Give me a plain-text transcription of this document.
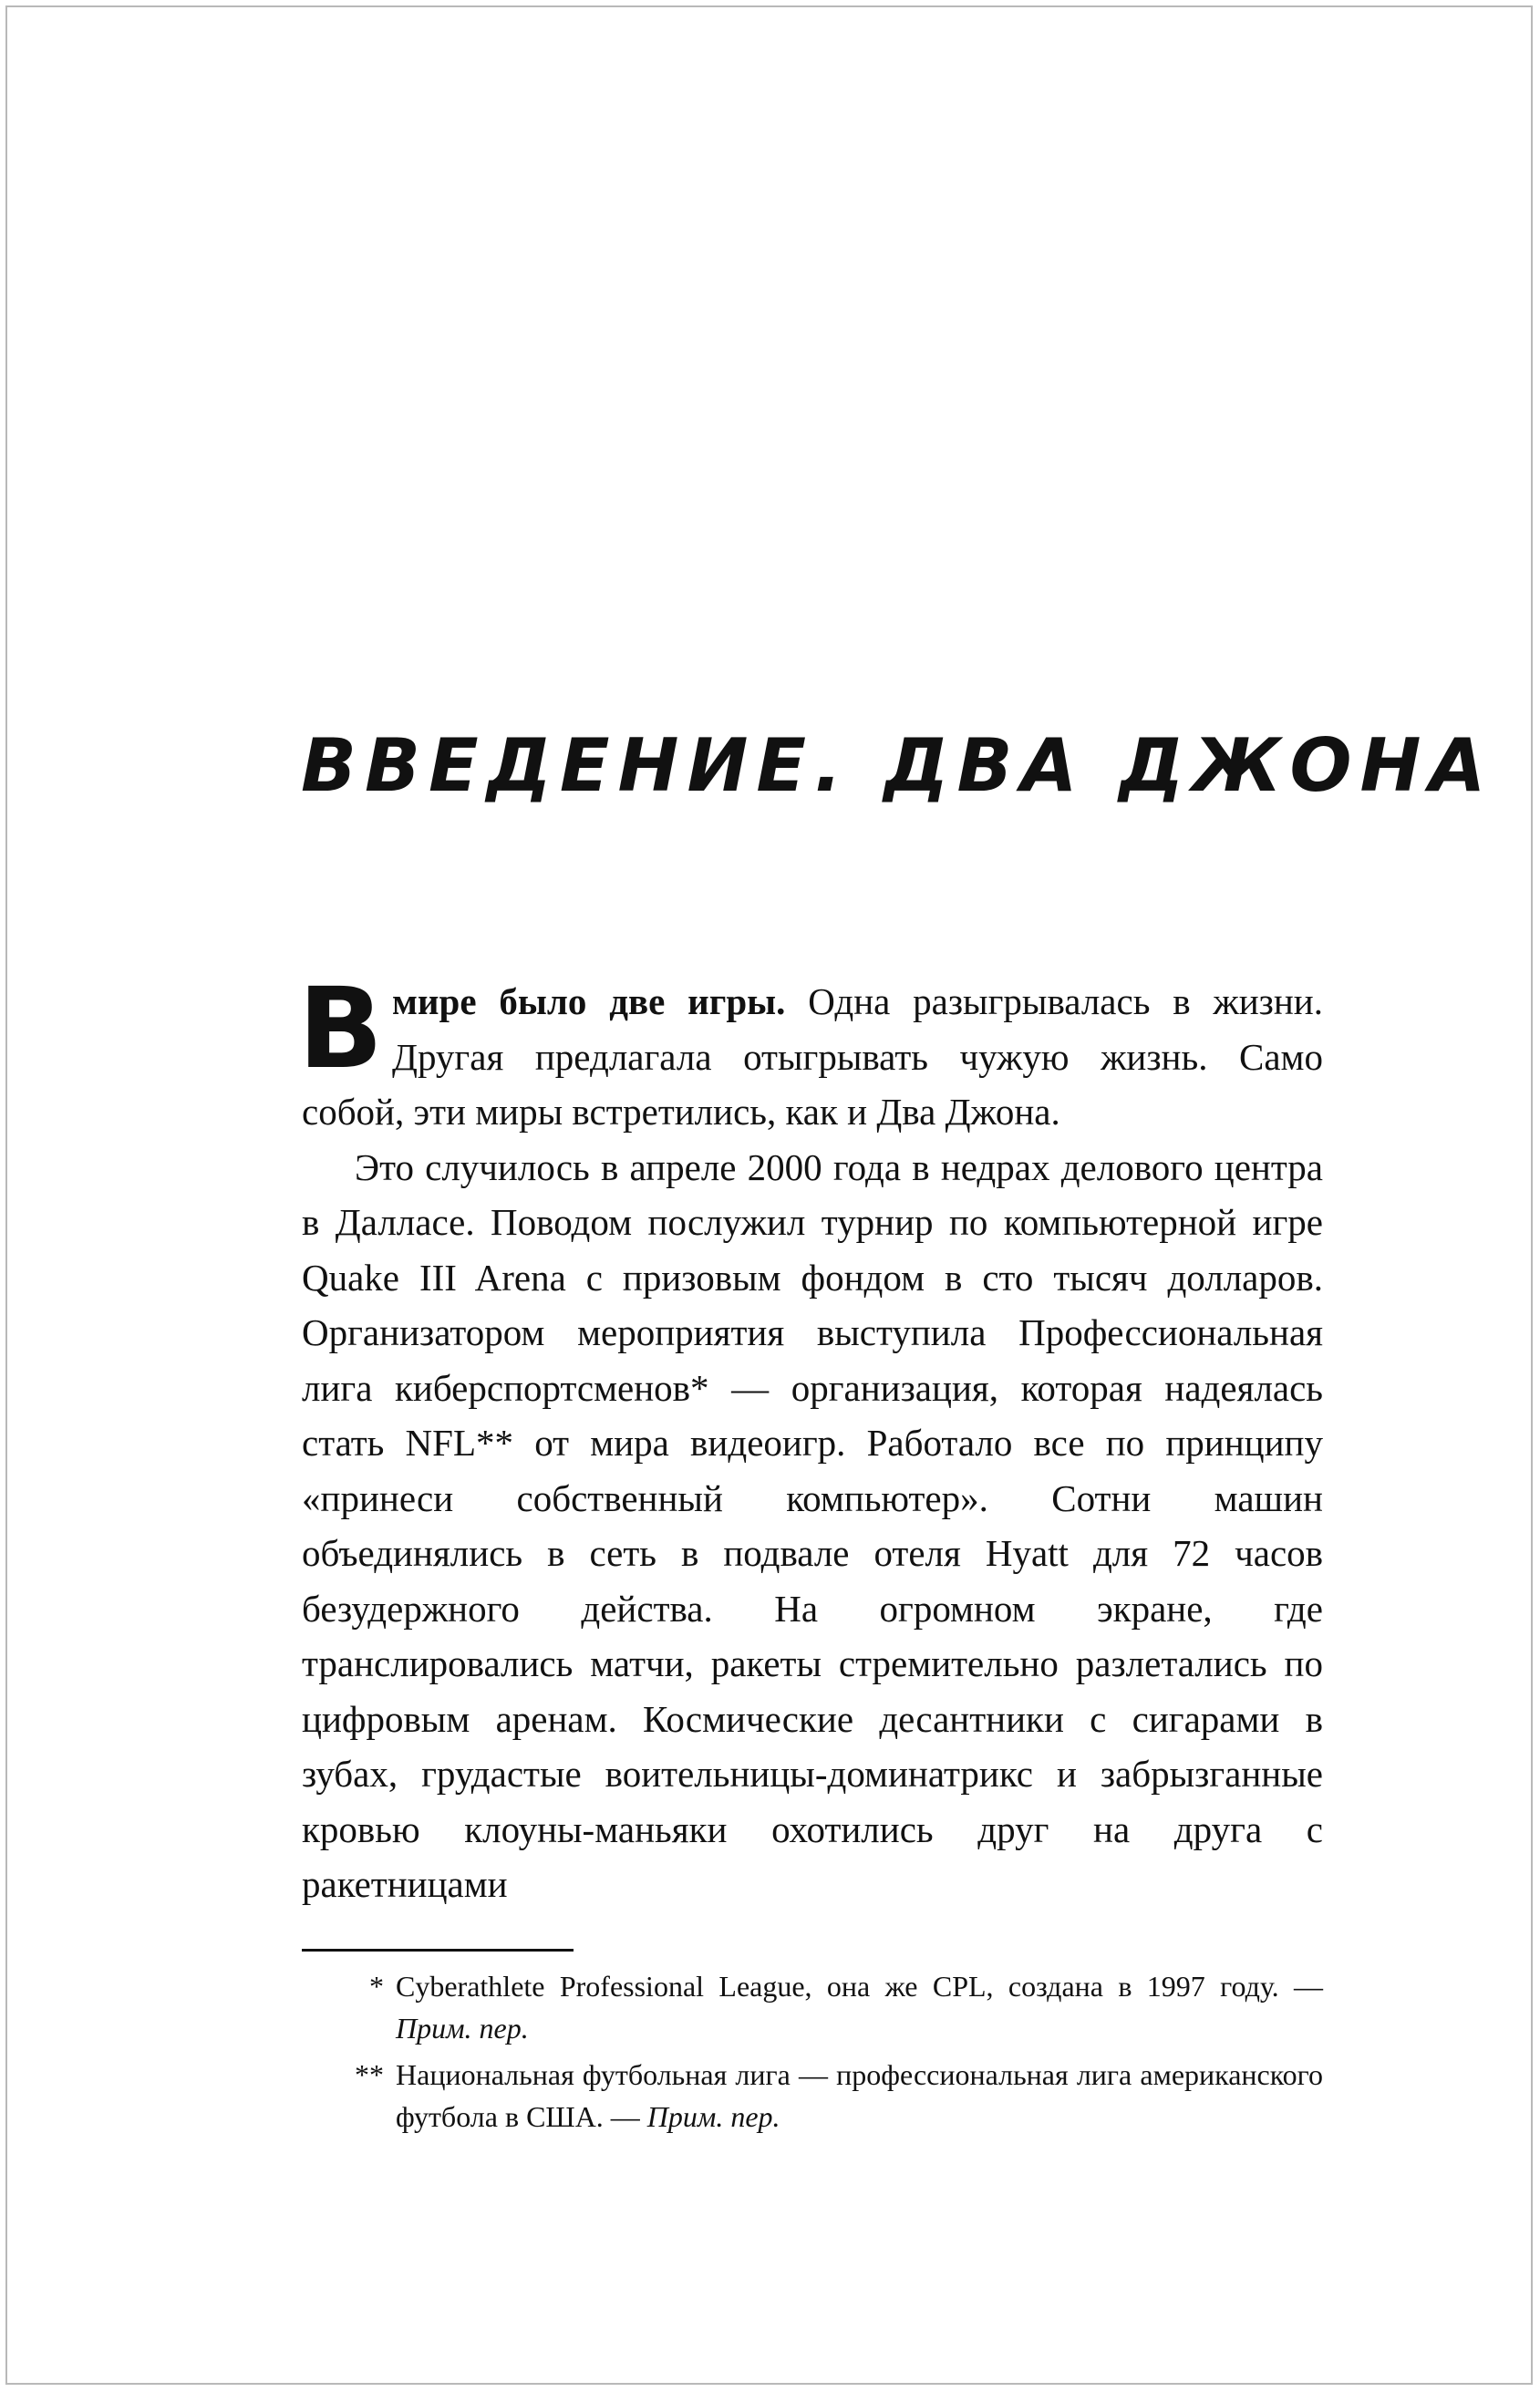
ВВЕДЕНИЕ. ДВА ДЖОНА

В мире было две игры. Одна разыгрывалась в жизни. Другая предлагала отыгрывать чужую жизнь. Само собой, эти миры встретились, как и Два Джона.

Это случилось в апреле 2000 года в недрах делового центра в Далласе. Поводом послужил турнир по компьютерной игре Quake III Arena с призовым фондом в сто тысяч долларов. Организатором мероприятия выступила Профессиональная лига киберспортсменов* — организация, которая надеялась стать NFL** от мира видеоигр. Работало все по принципу «принеси собственный компьютер». Сотни машин объединялись в сеть в подвале отеля Hyatt для 72 часов безудержного действа. На огромном экране, где транслировались матчи, ракеты стремительно разлетались по цифровым аренам. Космические десантники с сигарами в зубах, грудастые воительницы-доминатрикс и забрызганные кровью клоуны-маньяки охотились друг на друга с ракетницами

* Cyberathlete Professional League, она же CPL, создана в 1997 году. — Прим. пер.
** Национальная футбольная лига — профессиональная лига американского футбола в США. — Прим. пер.
